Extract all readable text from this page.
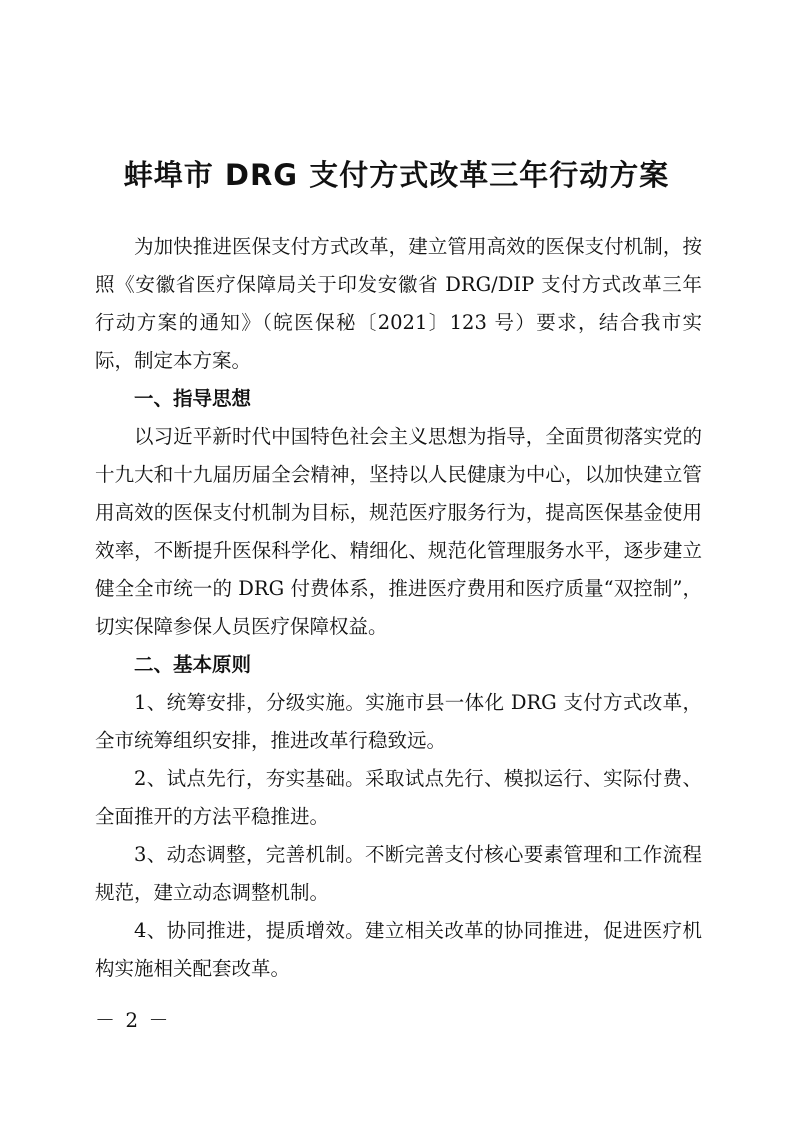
蚌埠市 DRG 支付方式改革三年行动方案

为加快推进医保支付方式改革，建立管用高效的医保支付机制，按照《安徽省医疗保障局关于印发安徽省 DRG/DIP 支付方式改革三年行动方案的通知》（皖医保秘〔2021〕123 号）要求，结合我市实际，制定本方案。

一、指导思想

以习近平新时代中国特色社会主义思想为指导，全面贯彻落实党的十九大和十九届历届全会精神，坚持以人民健康为中心，以加快建立管用高效的医保支付机制为目标，规范医疗服务行为，提高医保基金使用效率，不断提升医保科学化、精细化、规范化管理服务水平，逐步建立健全全市统一的 DRG 付费体系，推进医疗费用和医疗质量“双控制”，切实保障参保人员医疗保障权益。

二、基本原则

1、统筹安排，分级实施。实施市县一体化 DRG 支付方式改革，全市统筹组织安排，推进改革行稳致远。

2、试点先行，夯实基础。采取试点先行、模拟运行、实际付费、全面推开的方法平稳推进。

3、动态调整，完善机制。不断完善支付核心要素管理和工作流程规范，建立动态调整机制。

4、协同推进，提质增效。建立相关改革的协同推进，促进医疗机构实施相关配套改革。

－ 2 －
